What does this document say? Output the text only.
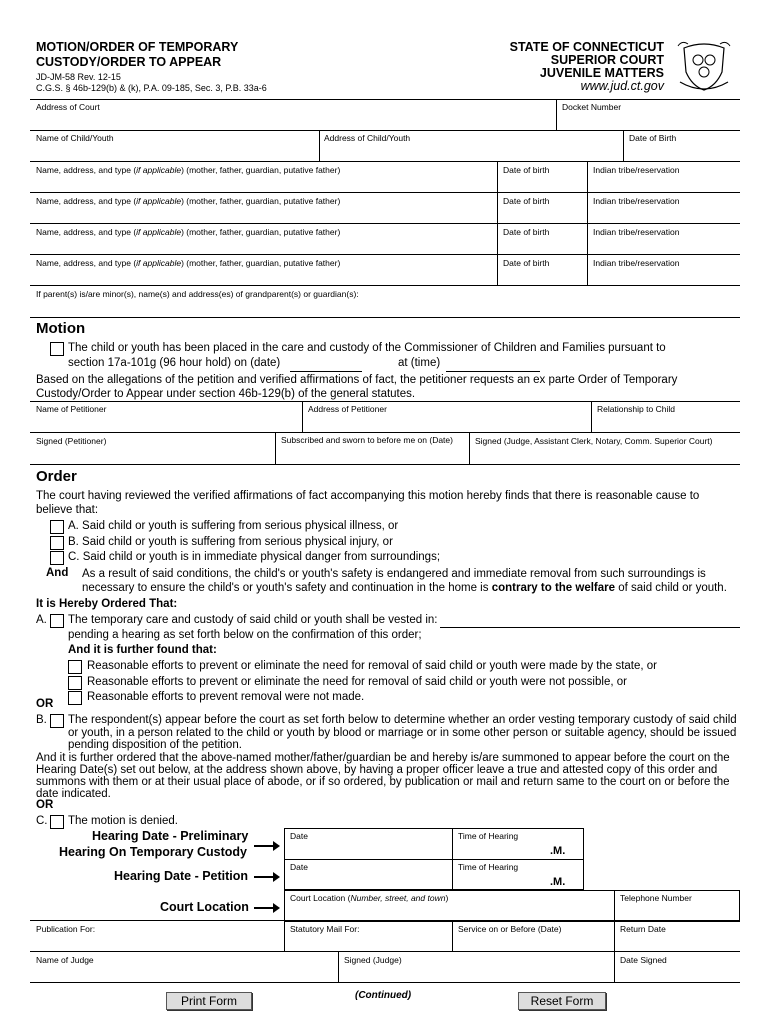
MOTION/ORDER OF TEMPORARY
CUSTODY/ORDER TO APPEAR
JD-JM-58 Rev. 12-15
C.G.S. § 46b-129(b) & (k), P.A. 09-185, Sec. 3, P.B. 33a-6
STATE OF CONNECTICUT
SUPERIOR COURT
JUVENILE MATTERS
www.jud.ct.gov
Address of Court	Docket Number
Name of Child/Youth	Address of Child/Youth	Date of Birth
Name, address, and type (if applicable) (mother, father, guardian, putative father)	Date of birth	Indian tribe/reservation
Name, address, and type (if applicable) (mother, father, guardian, putative father)	Date of birth	Indian tribe/reservation
Name, address, and type (if applicable) (mother, father, guardian, putative father)	Date of birth	Indian tribe/reservation
Name, address, and type (if applicable) (mother, father, guardian, putative father)	Date of birth	Indian tribe/reservation
If parent(s) is/are minor(s), name(s) and address(es) of grandparent(s) or guardian(s):
Motion
The child or youth has been placed in the care and custody of the Commissioner of Children and Families pursuant to
section 17a-101g (96 hour hold) on (date)	at (time)
Based on the allegations of the petition and verified affirmations of fact, the petitioner requests an ex parte Order of Temporary
Custody/Order to Appear under section 46b-129(b) of the general statutes.
Name of Petitioner	Address of Petitioner	Relationship to Child
Signed (Petitioner)	Subscribed and sworn to before me on (Date)	Signed (Judge, Assistant Clerk, Notary, Comm. Superior Court)
Order
The court having reviewed the verified affirmations of fact accompanying this motion hereby finds that there is reasonable cause to
believe that:
A. Said child or youth is suffering from serious physical illness, or
B. Said child or youth is suffering from serious physical injury, or
C. Said child or youth is in immediate physical danger from surroundings;
And As a result of said conditions, the child's or youth's safety is endangered and immediate removal from such surroundings is
necessary to ensure the child's or youth's safety and continuation in the home is contrary to the welfare of said child or youth.
It is Hereby Ordered That:
A. The temporary care and custody of said child or youth shall be vested in:
pending a hearing as set forth below on the confirmation of this order;
And it is further found that:
Reasonable efforts to prevent or eliminate the need for removal of said child or youth were made by the state, or
Reasonable efforts to prevent or eliminate the need for removal of said child or youth were not possible, or
Reasonable efforts to prevent removal were not made.
OR
B. The respondent(s) appear before the court as set forth below to determine whether an order vesting temporary custody of said child
or youth, in a person related to the child or youth by blood or marriage or in some other person or suitable agency, should be issued
pending disposition of the petition.
And it is further ordered that the above-named mother/father/guardian be and hereby is/are summoned to appear before the court on the
Hearing Date(s) set out below, at the address shown above, by having a proper officer leave a true and attested copy of this order and
summons with them or at their usual place of abode, or if so ordered, by publication or mail and return same to the court on or before the
date indicated.
OR
C. The motion is denied.
Hearing Date - Preliminary
Hearing On Temporary Custody
Hearing Date - Petition
Court Location
Date	Time of Hearing
.M.
Date	Time of Hearing
.M.
Court Location (Number, street, and town)	Telephone Number
Publication For:	Statutory Mail For:	Service on or Before (Date)	Return Date
Name of Judge	Signed (Judge)	Date Signed
Print Form	(Continued)	Reset Form
